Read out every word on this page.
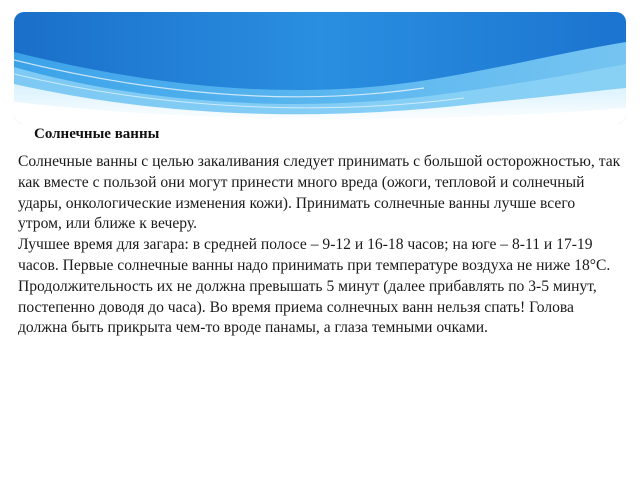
Солнечные ванны

Солнечные ванны с целью закаливания следует принимать с большой осторожностью, так как вместе с пользой они могут принести много вреда (ожоги, тепловой и солнечный удары, онкологические изменения кожи). Принимать солнечные ванны лучше всего утром, или ближе к вечеру.

Лучшее время для загара: в средней полосе – 9-12 и 16-18 часов; на юге – 8-11 и 17-19 часов. Первые солнечные ванны надо принимать при температуре воздуха не ниже 18°C. Продолжительность их не должна превышать 5 минут (далее прибавлять по 3-5 минут, постепенно доводя до часа). Во время приема солнечных ванн нельзя спать! Голова должна быть прикрыта чем-то вроде панамы, а глаза темными очками.
